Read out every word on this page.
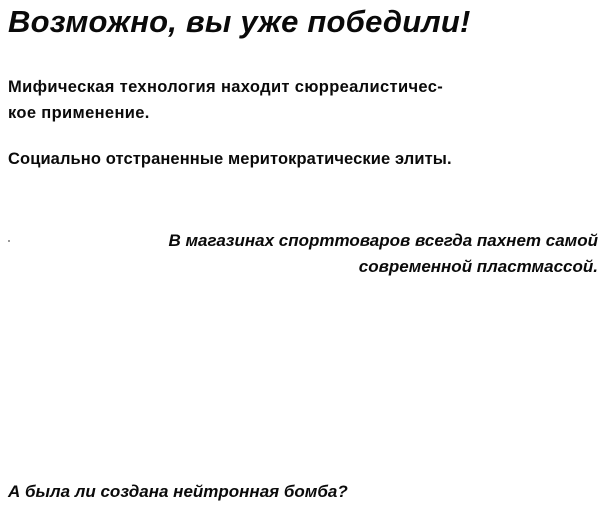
Возможно, вы уже победили!

Мифическая технология находит сюрреалистичес-
кое применение.

Социально отстраненные меритократические элиты.

В магазинах спорттоваров всегда пахнет самой
современной пластмассой.

А была ли создана нейтронная бомба?
